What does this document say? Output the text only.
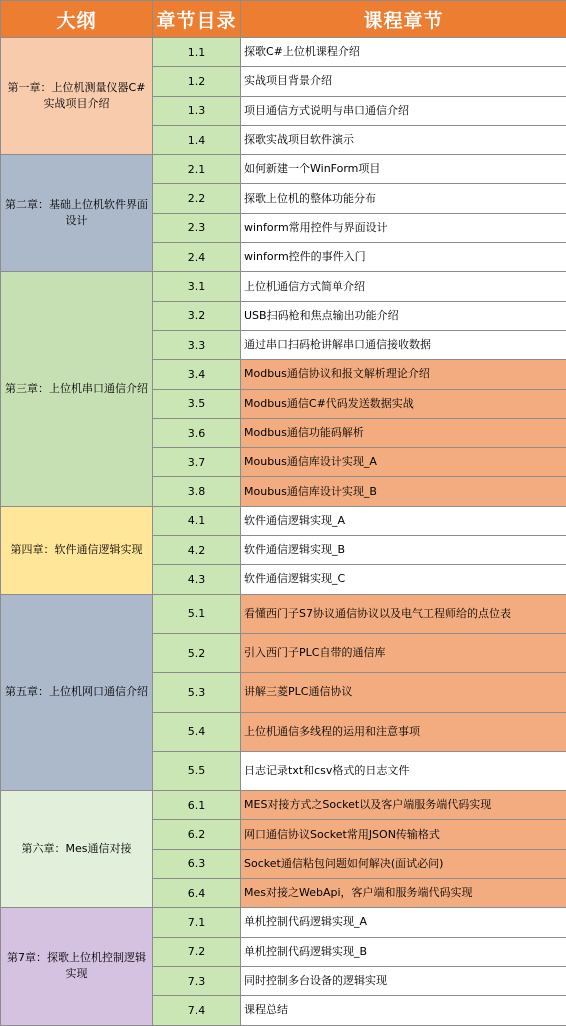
大纲	章节目录	课程章节
第一章：上位机测量仪器C#实战项目介绍	1.1	探歌C#上位机课程介绍
	1.2	实战项目背景介绍
	1.3	项目通信方式说明与串口通信介绍
	1.4	探歌实战项目软件演示
第二章：基础上位机软件界面设计	2.1	如何新建一个WinForm项目
	2.2	探歌上位机的整体功能分布
	2.3	winform常用控件与界面设计
	2.4	winform控件的事件入门
第三章：上位机串口通信介绍	3.1	上位机通信方式简单介绍
	3.2	USB扫码枪和焦点输出功能介绍
	3.3	通过串口扫码枪讲解串口通信接收数据
	3.4	Modbus通信协议和报文解析理论介绍
	3.5	Modbus通信C#代码发送数据实战
	3.6	Modbus通信功能码解析
	3.7	Moubus通信库设计实现_A
	3.8	Moubus通信库设计实现_B
第四章：软件通信逻辑实现	4.1	软件通信逻辑实现_A
	4.2	软件通信逻辑实现_B
	4.3	软件通信逻辑实现_C
第五章：上位机网口通信介绍	5.1	看懂西门子S7协议通信协议以及电气工程师给的点位表
	5.2	引入西门子PLC自带的通信库
	5.3	讲解三菱PLC通信协议
	5.4	上位机通信多线程的运用和注意事项
	5.5	日志记录txt和csv格式的日志文件
第六章：Mes通信对接	6.1	MES对接方式之Socket以及客户端服务端代码实现
	6.2	网口通信协议Socket常用JSON传输格式
	6.3	Socket通信粘包问题如何解决(面试必问)
	6.4	Mes对接之WebApi，客户端和服务端代码实现
第7章：探歌上位机控制逻辑实现	7.1	单机控制代码逻辑实现_A
	7.2	单机控制代码逻辑实现_B
	7.3	同时控制多台设备的逻辑实现
	7.4	课程总结
